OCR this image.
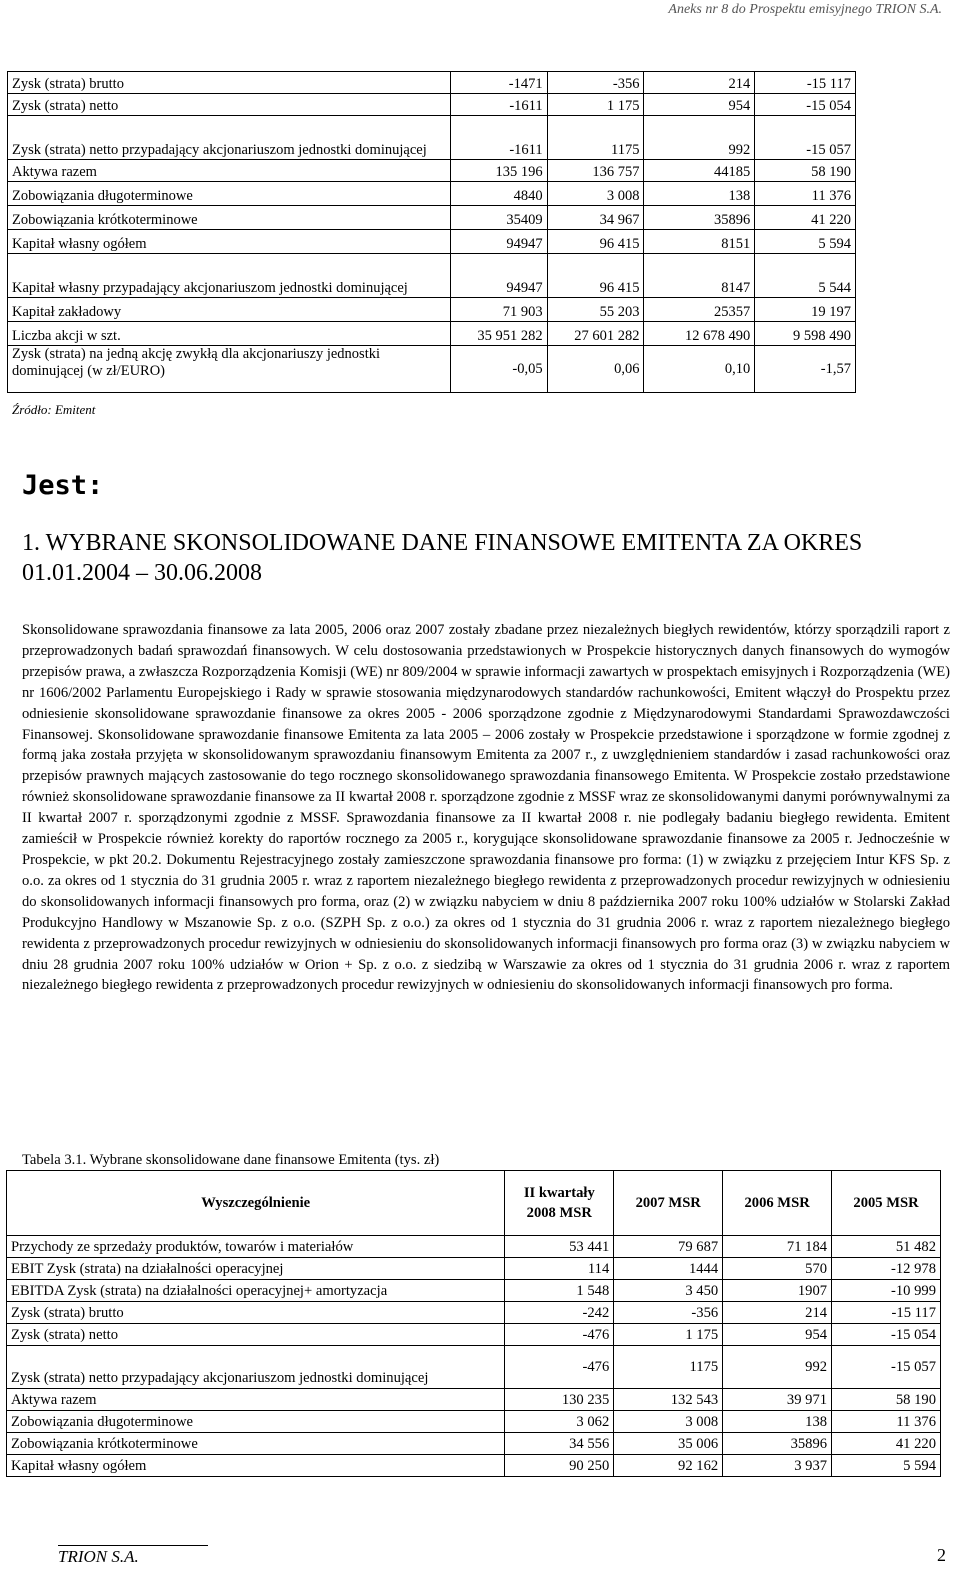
Aneks nr 8 do Prospektu emisyjnego TRION S.A.
Zysk (strata) brutto	-1471	-356	214	-15 117
Zysk (strata) netto	-1611	1 175	954	-15 054
Zysk (strata) netto przypadający akcjonariuszom jednostki dominującej	-1611	1175	992	-15 057
Aktywa razem	135 196	136 757	44185	58 190
Zobowiązania długoterminowe	4840	3 008	138	11 376
Zobowiązania krótkoterminowe	35409	34 967	35896	41 220
Kapitał własny ogółem	94947	96 415	8151	5 594
Kapitał własny przypadający akcjonariuszom jednostki dominującej	94947	96 415	8147	5 544
Kapitał zakładowy	71 903	55 203	25357	19 197
Liczba akcji w szt.	35 951 282	27 601 282	12 678 490	9 598 490
Zysk (strata) na jedną akcję zwykłą dla akcjonariuszy jednostki dominującej (w zł/EURO)	-0,05	0,06	0,10	-1,57
Źródło: Emitent
Jest:
1. WYBRANE SKONSOLIDOWANE DANE FINANSOWE EMITENTA ZA OKRES 01.01.2004 – 30.06.2008
Skonsolidowane sprawozdania finansowe za lata 2005, 2006 oraz 2007 zostały zbadane przez niezależnych biegłych rewidentów, którzy sporządzili raport z przeprowadzonych badań sprawozdań finansowych. W celu dostosowania przedstawionych w Prospekcie historycznych danych finansowych do wymogów przepisów prawa, a zwłaszcza Rozporządzenia Komisji (WE) nr 809/2004 w sprawie informacji zawartych w prospektach emisyjnych i Rozporządzenia (WE) nr 1606/2002 Parlamentu Europejskiego i Rady w sprawie stosowania międzynarodowych standardów rachunkowości, Emitent włączył do Prospektu przez odniesienie skonsolidowane sprawozdanie finansowe za okres 2005 - 2006 sporządzone zgodnie z Międzynarodowymi Standardami Sprawozdawczości Finansowej. Skonsolidowane sprawozdanie finansowe Emitenta za lata 2005 – 2006 zostały w Prospekcie przedstawione i sporządzone w formie zgodnej z formą jaka została przyjęta w skonsolidowanym sprawozdaniu finansowym Emitenta za 2007 r., z uwzględnieniem standardów i zasad rachunkowości oraz przepisów prawnych mających zastosowanie do tego rocznego skonsolidowanego sprawozdania finansowego Emitenta. W Prospekcie zostało przedstawione również skonsolidowane sprawozdanie finansowe za II kwartał 2008 r. sporządzone zgodnie z MSSF wraz ze skonsolidowanymi danymi porównywalnymi za II kwartał 2007 r. sporządzonymi zgodnie z MSSF. Sprawozdania finansowe za II kwartał 2008 r. nie podlegały badaniu biegłego rewidenta. Emitent zamieścił w Prospekcie również korekty do raportów rocznego za 2005 r., korygujące skonsolidowane sprawozdanie finansowe za 2005 r. Jednocześnie w Prospekcie, w pkt 20.2. Dokumentu Rejestracyjnego zostały zamieszczone sprawozdania finansowe pro forma: (1) w związku z przejęciem Intur KFS Sp. z o.o. za okres od 1 stycznia do 31 grudnia 2005 r. wraz z raportem niezależnego biegłego rewidenta z przeprowadzonych procedur rewizyjnych w odniesieniu do skonsolidowanych informacji finansowych pro forma, oraz (2) w związku nabyciem w dniu 8 października 2007 roku 100% udziałów w Stolarski Zakład Produkcyjno Handlowy w Mszanowie Sp. z o.o. (SZPH Sp. z o.o.) za okres od 1 stycznia do 31 grudnia 2006 r. wraz z raportem niezależnego biegłego rewidenta z przeprowadzonych procedur rewizyjnych w odniesieniu do skonsolidowanych informacji finansowych pro forma oraz (3) w związku nabyciem w dniu 28 grudnia 2007 roku 100% udziałów w Orion + Sp. z o.o. z siedzibą w Warszawie za okres od 1 stycznia do 31 grudnia 2006 r. wraz z raportem niezależnego biegłego rewidenta z przeprowadzonych procedur rewizyjnych w odniesieniu do skonsolidowanych informacji finansowych pro forma.
Tabela 3.1. Wybrane skonsolidowane dane finansowe Emitenta (tys. zł)
Wyszczególnienie	II kwartały 2008 MSR	2007 MSR	2006 MSR	2005 MSR
Przychody ze sprzedaży produktów, towarów i materiałów	53 441	79 687	71 184	51 482
EBIT Zysk (strata) na działalności operacyjnej	114	1444	570	-12 978
EBITDA Zysk (strata) na działalności operacyjnej+ amortyzacja	1 548	3 450	1907	-10 999
Zysk (strata) brutto	-242	-356	214	-15 117
Zysk (strata) netto	-476	1 175	954	-15 054
Zysk (strata) netto przypadający akcjonariuszom jednostki dominującej	-476	1175	992	-15 057
Aktywa razem	130 235	132 543	39 971	58 190
Zobowiązania długoterminowe	3 062	3 008	138	11 376
Zobowiązania krótkoterminowe	34 556	35 006	35896	41 220
Kapitał własny ogółem	90 250	92 162	3 937	5 594
TRION S.A.	2
